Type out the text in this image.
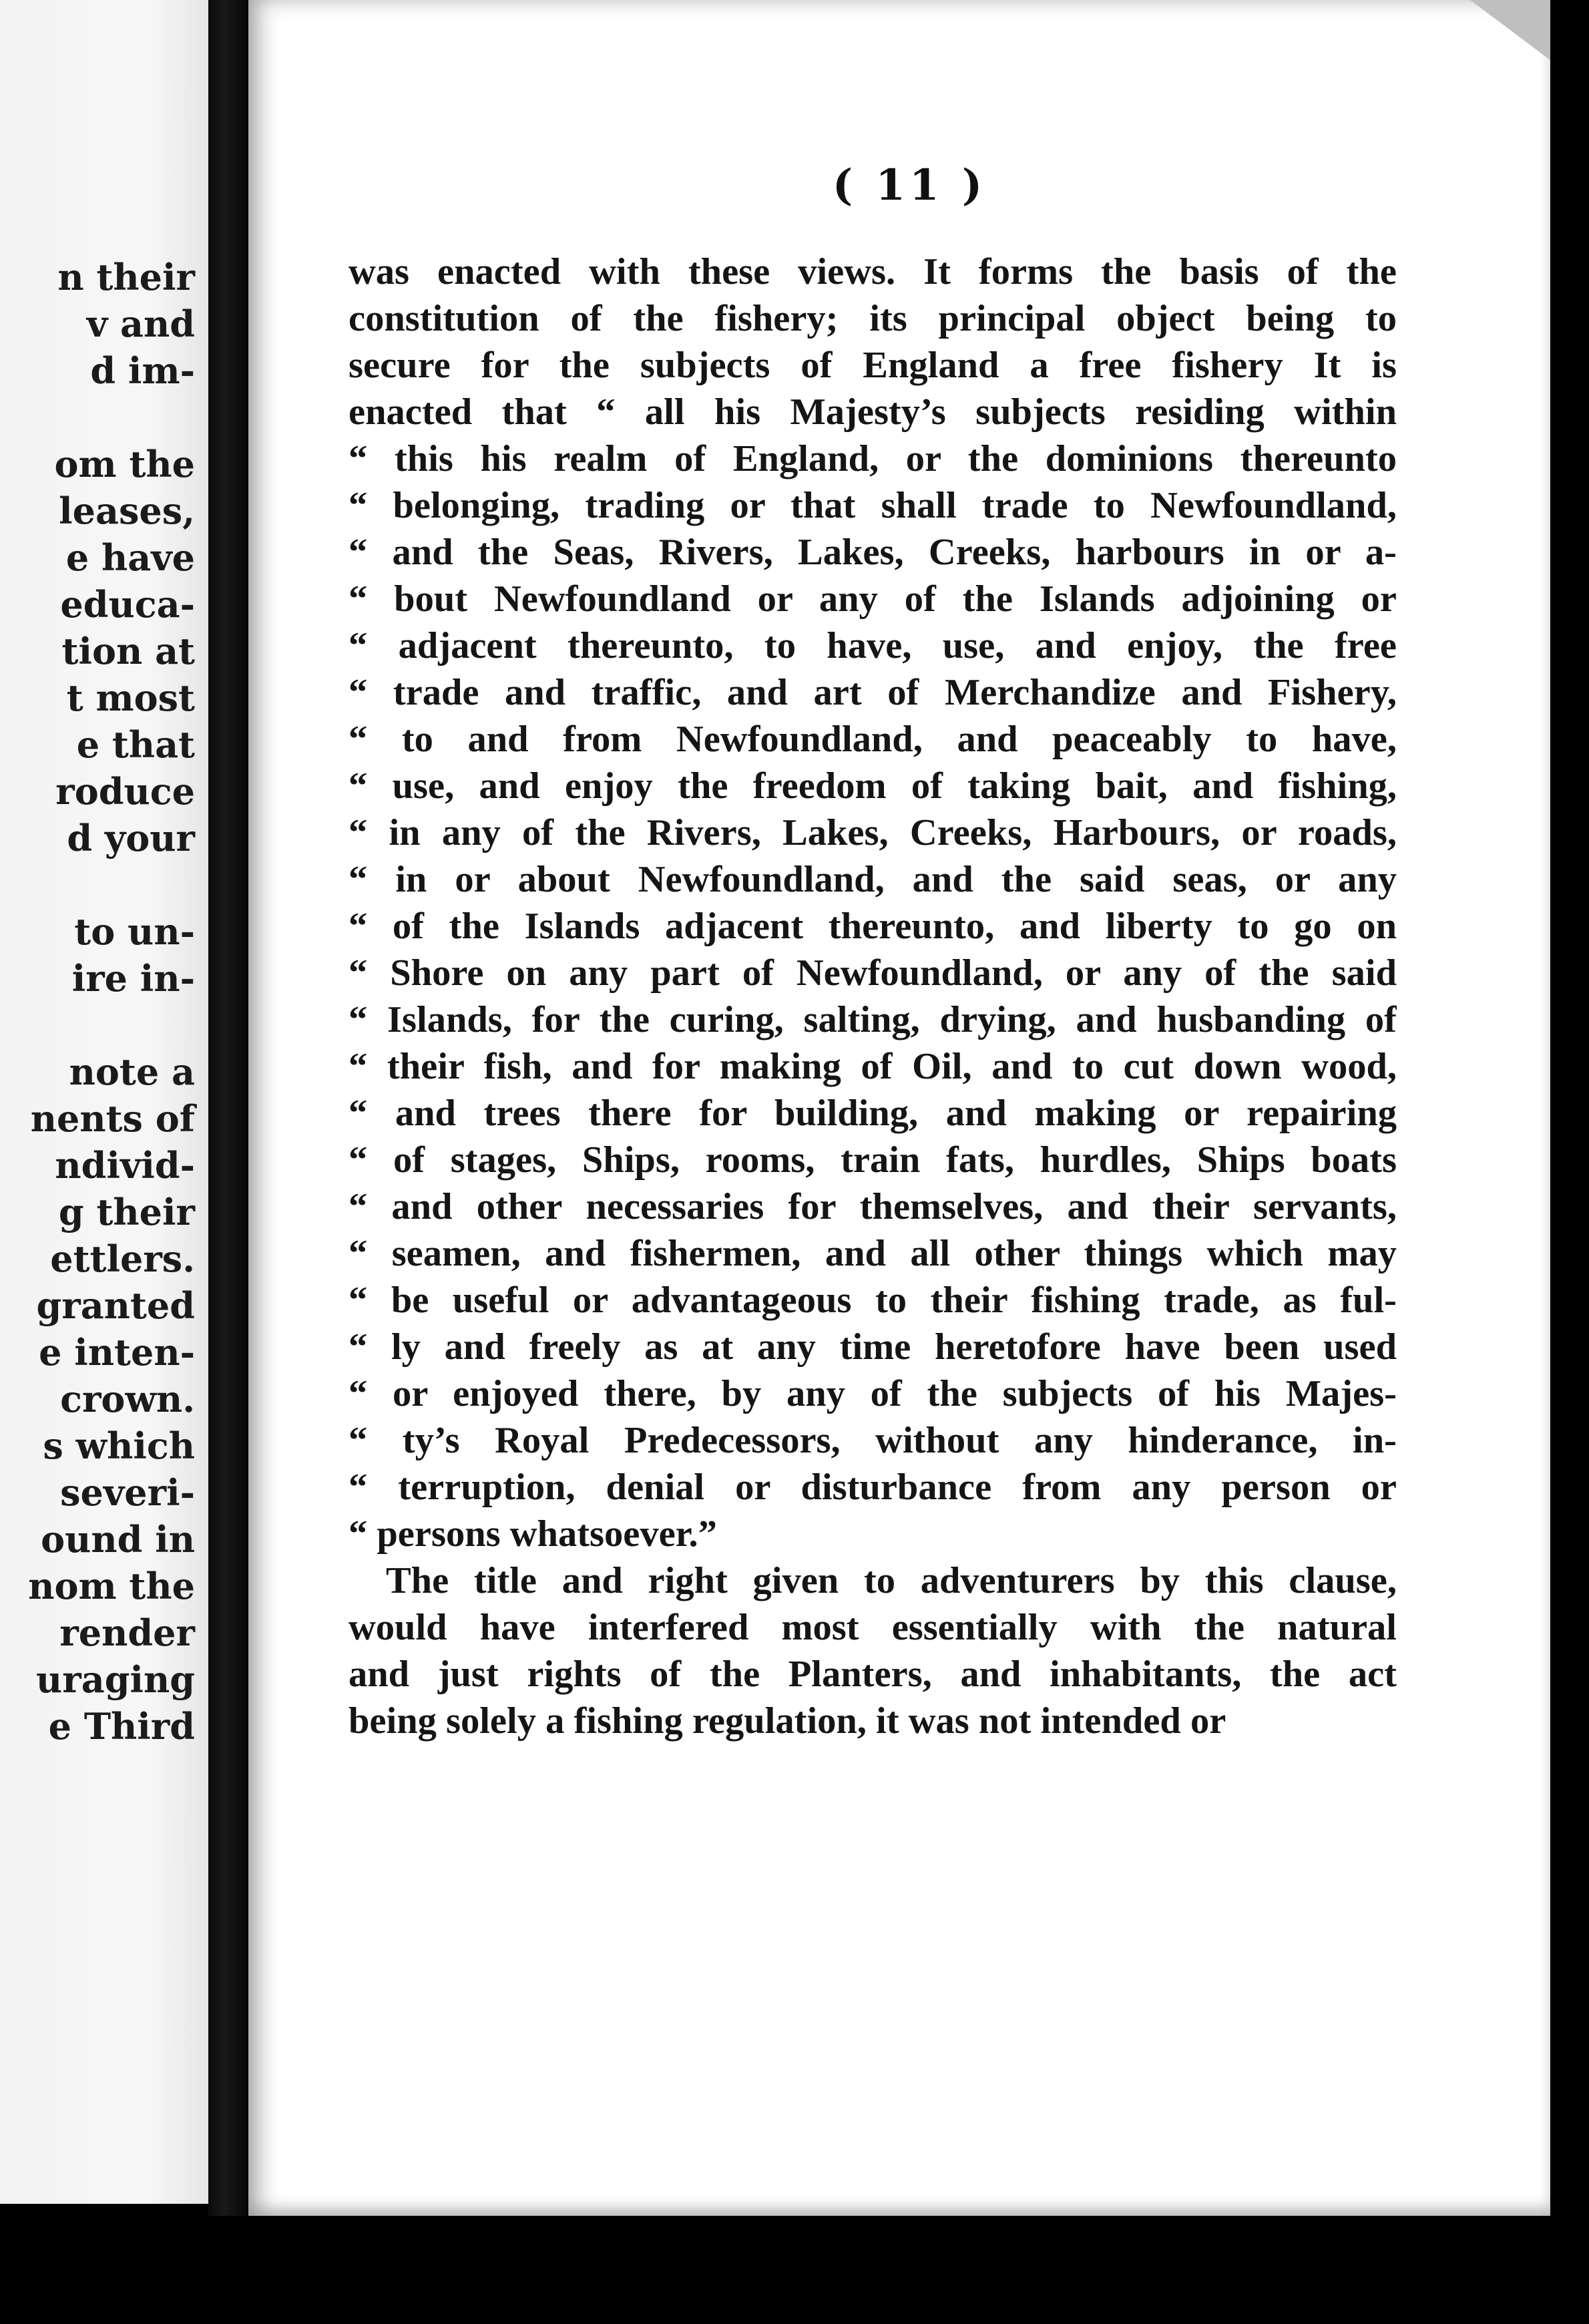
n their
v and
d im-
om the
leases,
e have
educa-
tion at
t most
e that
roduce
d your
to un-
ire in-
note a
nents of
ndivid-
g their
ettlers.
granted
e inten-
crown.
s which
severi-
ound in
nom the
render
uraging
e Third
( 11 )
was enacted with these views. It forms the basis of the
constitution of the fishery; its principal object being to
secure for the subjects of England a free fishery It is
enacted that “ all his Majesty’s subjects residing within
“ this his realm of England, or the dominions thereunto
“ belonging, trading or that shall trade to Newfoundland,
“ and the Seas, Rivers, Lakes, Creeks, harbours in or a-
“ bout Newfoundland or any of the Islands adjoining or
“ adjacent thereunto, to have, use, and enjoy, the free
“ trade and traffic, and art of Merchandize and Fishery,
“ to and from Newfoundland, and peaceably to have,
“ use, and enjoy the freedom of taking bait, and fishing,
“ in any of the Rivers, Lakes, Creeks, Harbours, or roads,
“ in or about Newfoundland, and the said seas, or any
“ of the Islands adjacent thereunto, and liberty to go on
“ Shore on any part of Newfoundland, or any of the said
“ Islands, for the curing, salting, drying, and husbanding of
“ their fish, and for making of Oil, and to cut down wood,
“ and trees there for building, and making or repairing
“ of stages, Ships, rooms, train fats, hurdles, Ships boats
“ and other necessaries for themselves, and their servants,
“ seamen, and fishermen, and all other things which may
“ be useful or advantageous to their fishing trade, as ful-
“ ly and freely as at any time heretofore have been used
“ or enjoyed there, by any of the subjects of his Majes-
“ ty’s Royal Predecessors, without any hinderance, in-
“ terruption, denial or disturbance from any person or
“ persons whatsoever.”
The title and right given to adventurers by this clause,
would have interfered most essentially with the natural
and just rights of the Planters, and inhabitants, the act
being solely a fishing regulation, it was not intended or
